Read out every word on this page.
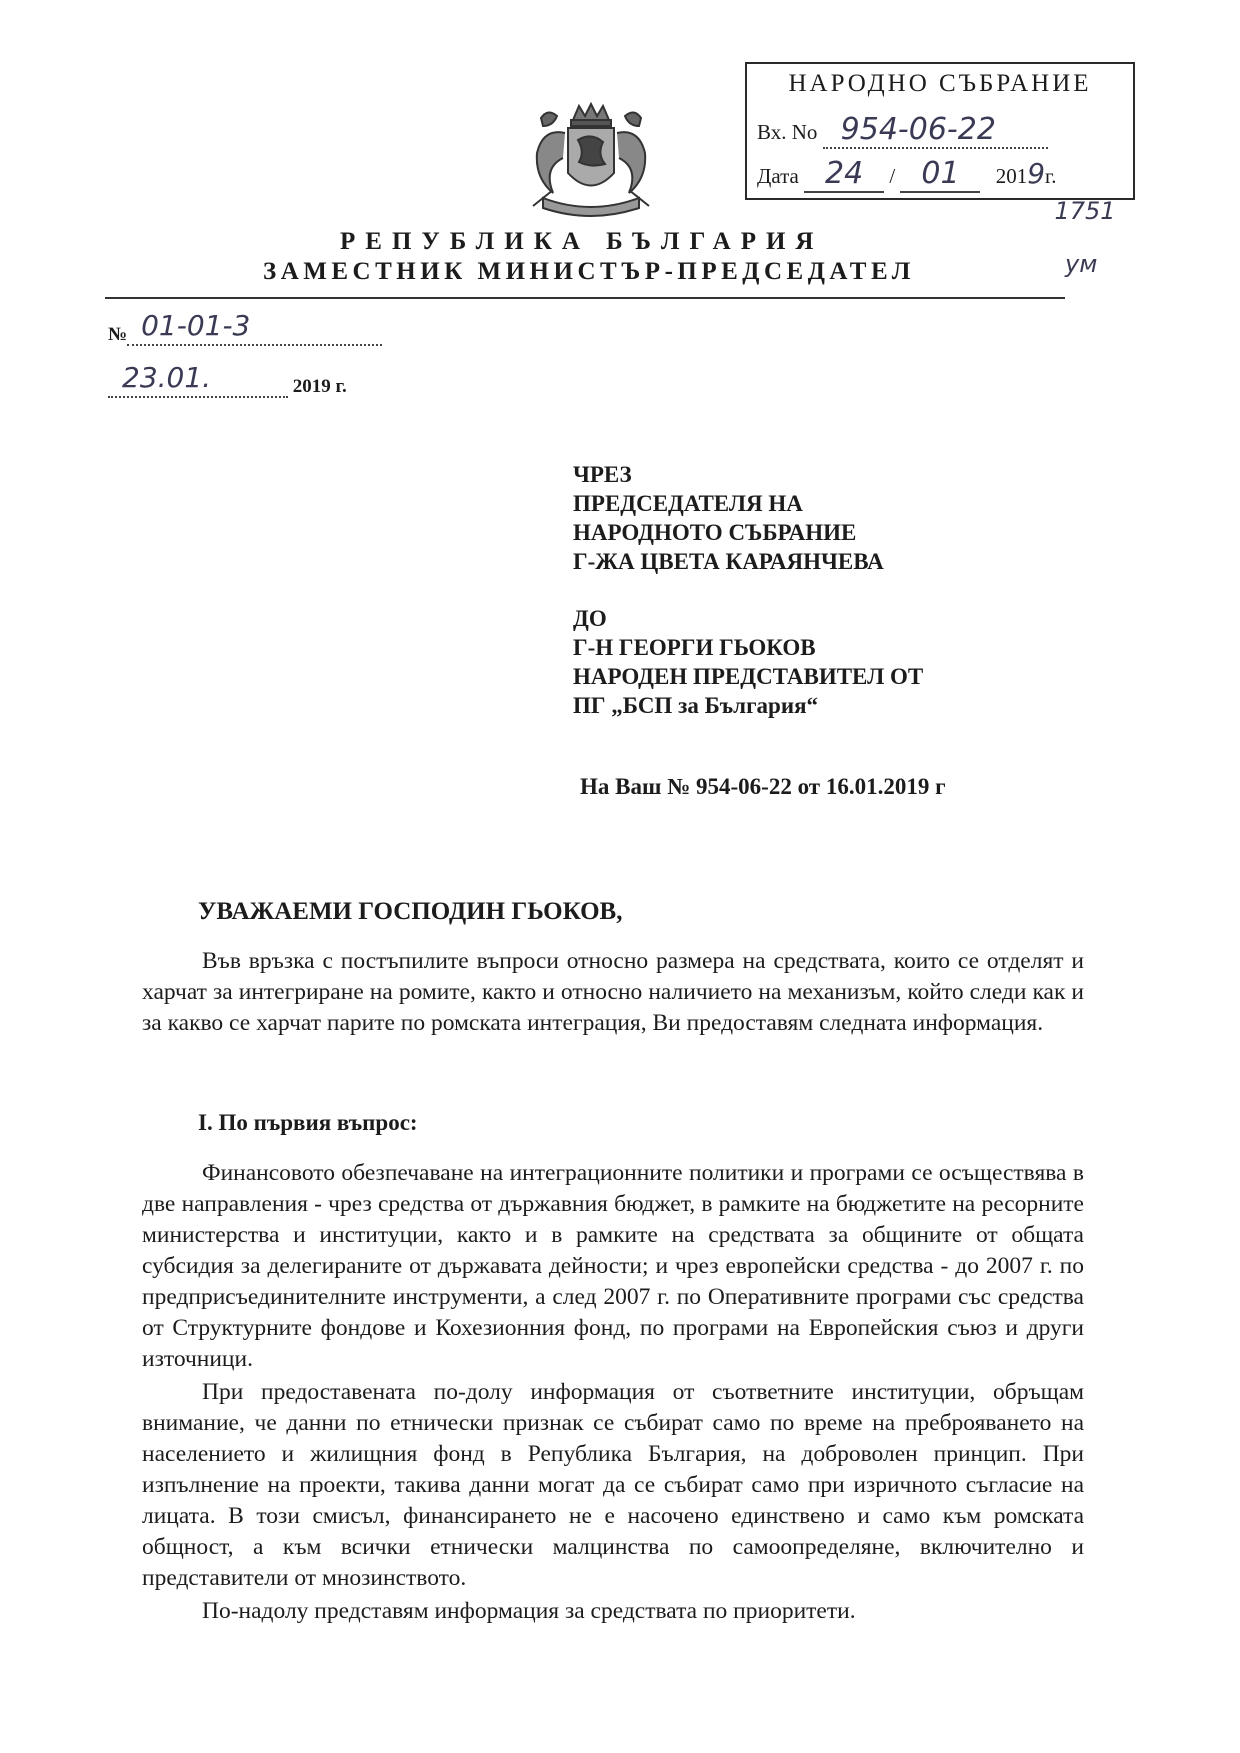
НАРОДНО СЪБРАНИЕ
Вх. No 954-06-22
Дата 24 / 01 2019г.
1751
ум
РЕПУБЛИКА БЪЛГАРИЯ
ЗАМЕСТНИК МИНИСТЪР-ПРЕДСЕДАТЕЛ
№ 01-01-3
23.01.	2019 г.
ЧРЕЗ
ПРЕДСЕДАТЕЛЯ НА
НАРОДНОТО СЪБРАНИЕ
Г-ЖА ЦВЕТА КАРАЯНЧЕВА
ДО
Г-Н ГЕОРГИ ГЬОКОВ
НАРОДЕН ПРЕДСТАВИТЕЛ ОТ
ПГ „БСП за България“
На Ваш № 954-06-22 от 16.01.2019 г
УВАЖАЕМИ ГОСПОДИН ГЬОКОВ,

Във връзка с постъпилите въпроси относно размера на средствата, които се отделят и харчат за интегриране на ромите, както и относно наличието на механизъм, който следи как и за какво се харчат парите по ромската интеграция, Ви предоставям следната информация.

I. По първия въпрос:

Финансовото обезпечаване на интеграционните политики и програми се осъществява в две направления - чрез средства от държавния бюджет, в рамките на бюджетите на ресорните министерства и институции, както и в рамките на средствата за общините от общата субсидия за делегираните от държавата дейности; и чрез европейски средства - до 2007 г. по предприсъединителните инструменти, а след 2007 г. по Оперативните програми със средства от Структурните фондове и Кохезионния фонд, по програми на Европейския съюз и други източници.

При предоставената по-долу информация от съответните институции, обръщам внимание, че данни по етнически признак се събират само по време на преброяването на населението и жилищния фонд в Република България, на доброволен принцип. При изпълнение на проекти, такива данни могат да се събират само при изричното съгласие на лицата. В този смисъл, финансирането не е насочено единствено и само към ромската общност, а към всички етнически малцинства по самоопределяне, включително и представители от мнозинството.

По-надолу представям информация за средствата по приоритети.
